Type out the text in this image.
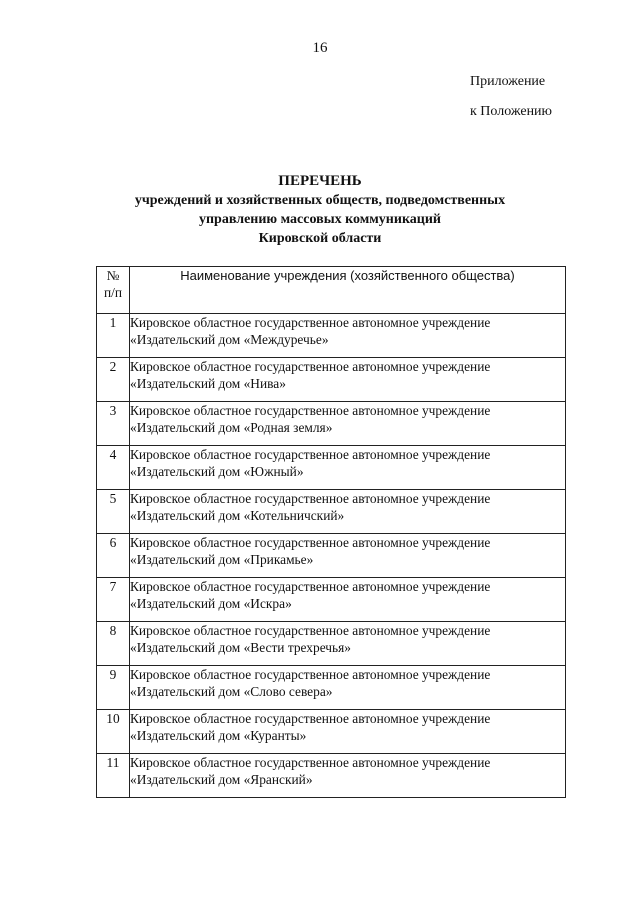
16
Приложение
к Положению
ПЕРЕЧЕНЬ
учреждений и хозяйственных обществ, подведомственных
управлению массовых коммуникаций
Кировской области
№
п/п	Наименование учреждения (хозяйственного общества)
1	Кировское областное государственное автономное учреждение
«Издательский дом «Междуречье»

2	Кировское областное государственное автономное учреждение
«Издательский дом «Нива»

3	Кировское областное государственное автономное учреждение
«Издательский дом «Родная земля»

4	Кировское областное государственное автономное учреждение
«Издательский дом «Южный»

5	Кировское областное государственное автономное учреждение
«Издательский дом «Котельничский»

6	Кировское областное государственное автономное учреждение
«Издательский дом «Прикамье»

7	Кировское областное государственное автономное учреждение
«Издательский дом «Искра»

8	Кировское областное государственное автономное учреждение
«Издательский дом «Вести трехречья»

9	Кировское областное государственное автономное учреждение
«Издательский дом «Слово севера»

10	Кировское областное государственное автономное учреждение
«Издательский дом «Куранты»

11	Кировское областное государственное автономное учреждение
«Издательский дом «Яранский»
